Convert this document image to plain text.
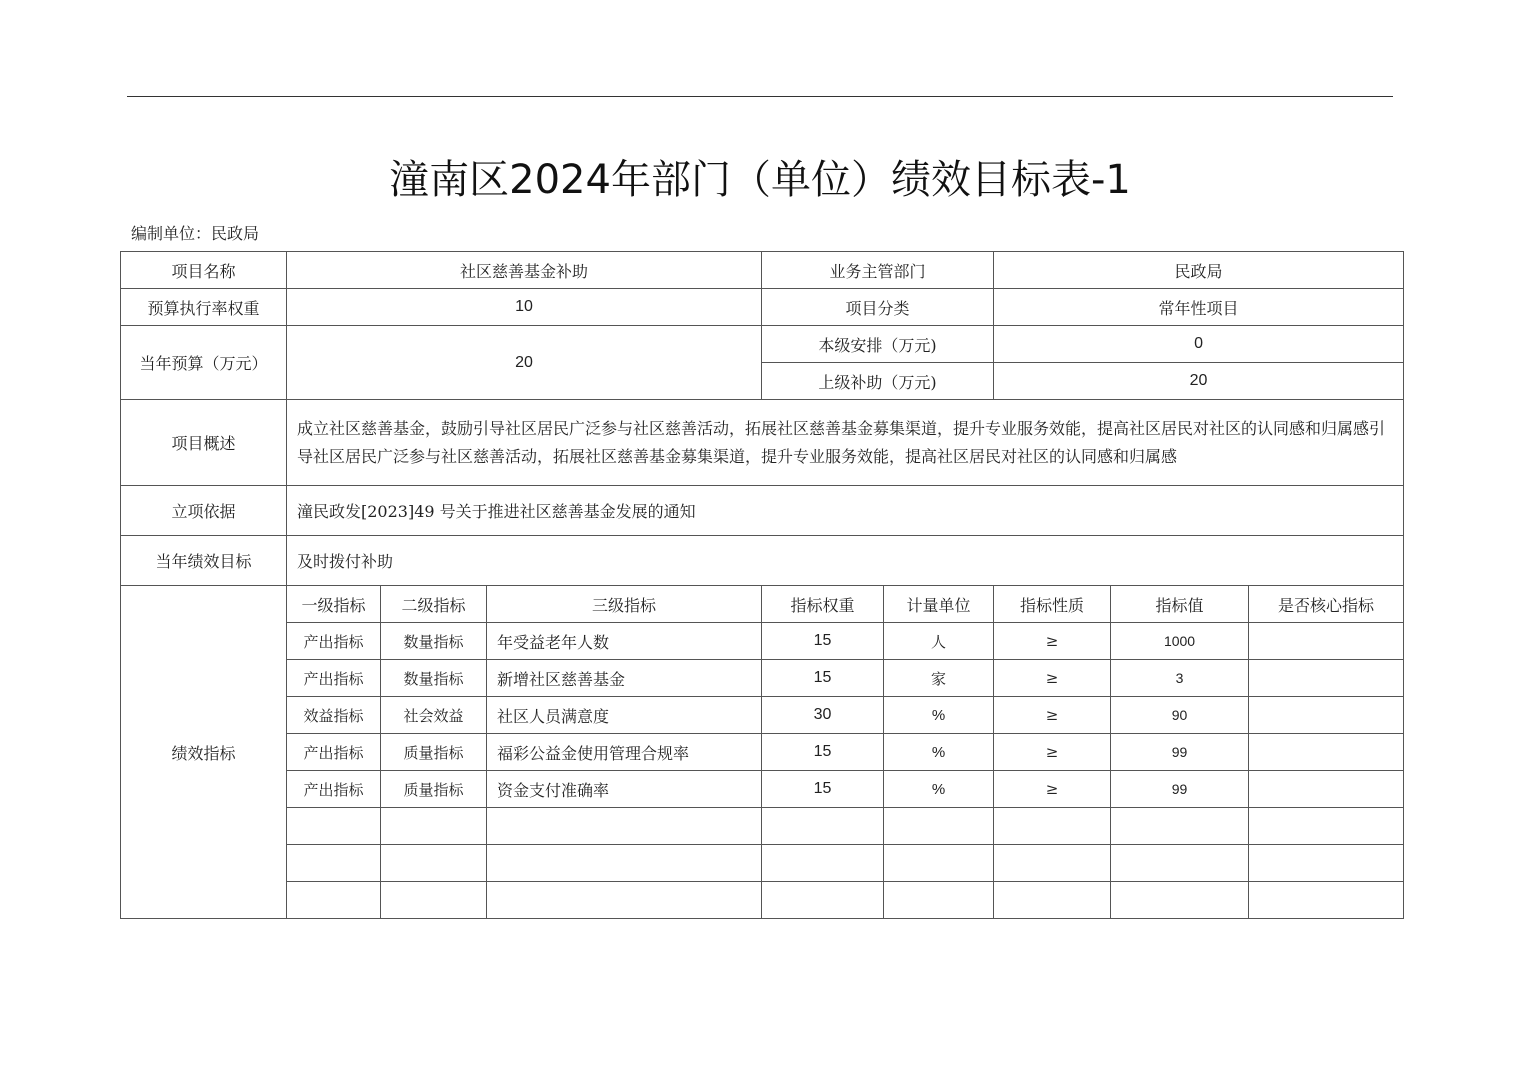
潼南区2024年部门（单位）绩效目标表-1
编制单位：民政局
项目名称	社区慈善基金补助			业务主管部门		民政局		
预算执行率权重	10			项目分类		常年性项目		
当年预算（万元）	20			本级安排（万元)		0		
				上级补助（万元)		20		
项目概述	成立社区慈善基金，鼓励引导社区居民广泛参与社区慈善活动，拓展社区慈善基金募集渠道，提升专业服务效能，提高社区居民对社区的认同感和归属感引导社区居民广泛参与社区慈善活动，拓展社区慈善基金募集渠道，提升专业服务效能，提高社区居民对社区的认同感和归属感							
立项依据	潼民政发[2023]49 号关于推进社区慈善基金发展的通知							
当年绩效目标	及时拨付补助							
绩效指标	一级指标	二级指标	三级指标	指标权重	计量单位	指标性质	指标值	是否核心指标
	产出指标	数量指标	年受益老年人数	15	人	≥	1000	
	产出指标	数量指标	新增社区慈善基金	15	家	≥	3	
	效益指标	社会效益	社区人员满意度	30	%	≥	90	
	产出指标	质量指标	福彩公益金使用管理合规率	15	%	≥	99	
	产出指标	质量指标	资金支付准确率	15	%	≥	99	
